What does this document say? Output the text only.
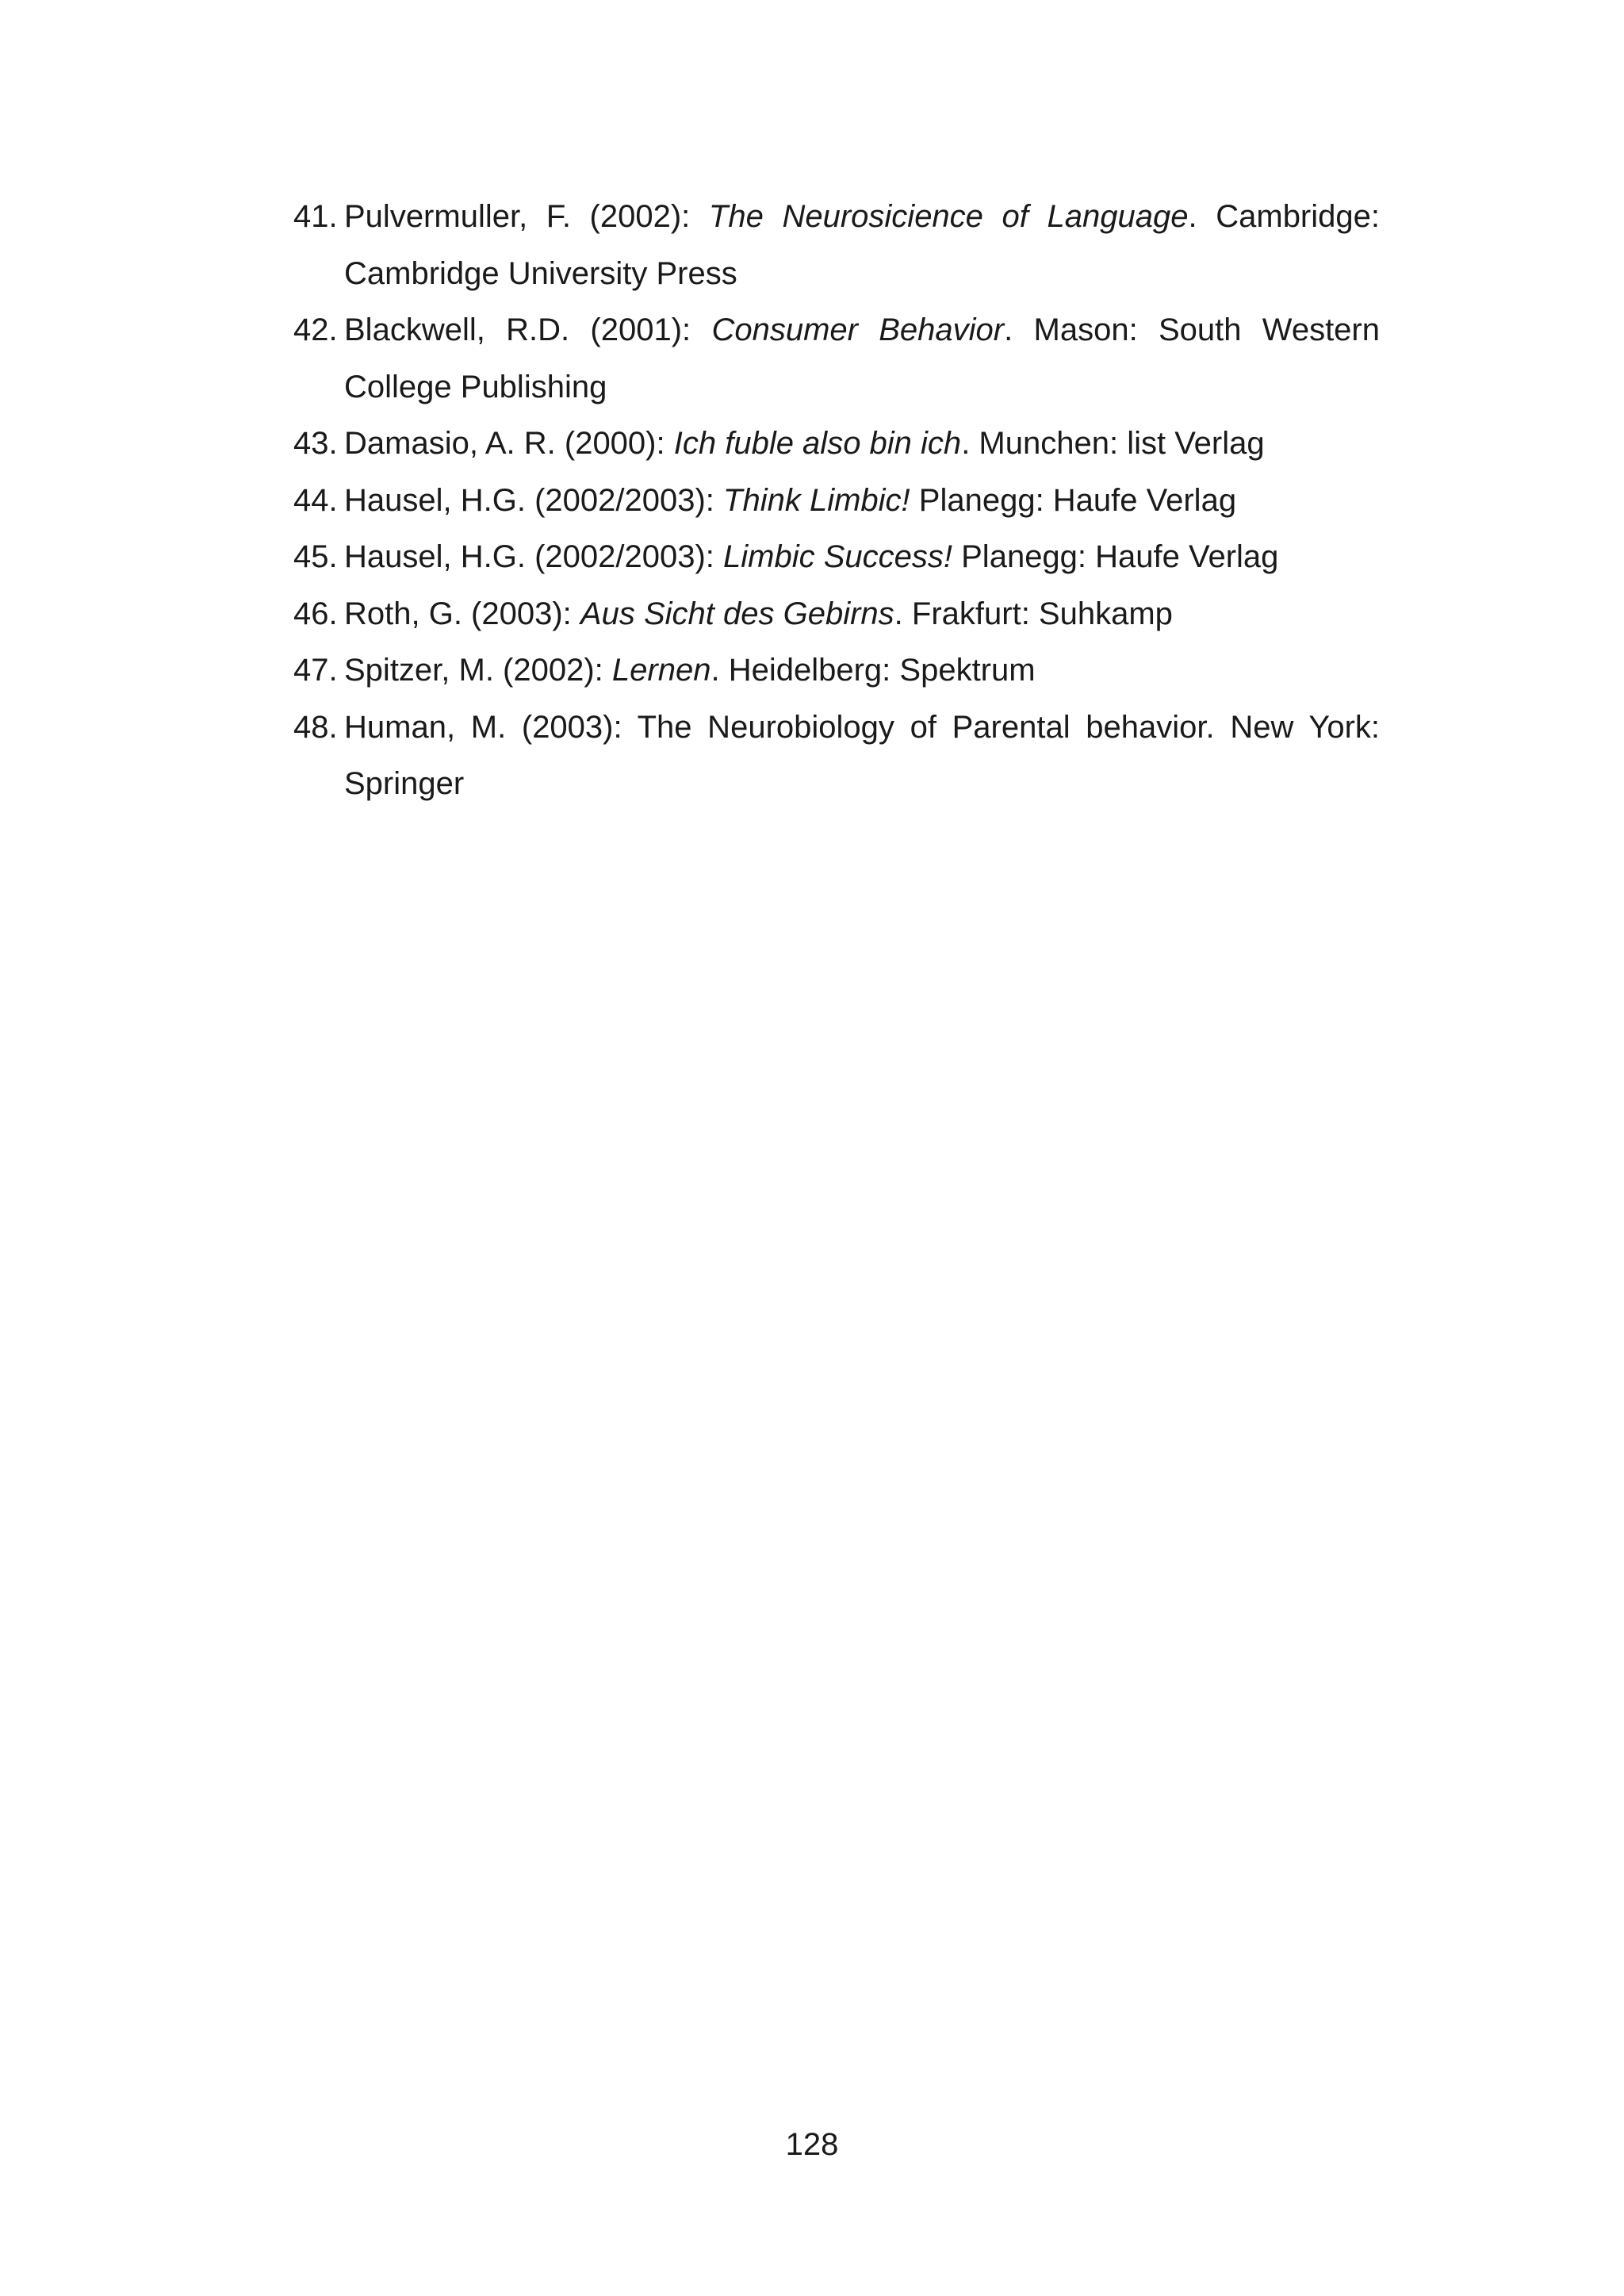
41. Pulvermuller, F. (2002): The Neurosicience of Language. Cambridge: Cambridge University Press
42. Blackwell, R.D. (2001): Consumer Behavior. Mason: South Western College Publishing
43. Damasio, A. R. (2000): Ich fuble also bin ich. Munchen: list Verlag
44. Hausel, H.G. (2002/2003): Think Limbic! Planegg: Haufe Verlag
45. Hausel, H.G. (2002/2003): Limbic Success! Planegg: Haufe Verlag
46. Roth, G. (2003): Aus Sicht des Gebirns. Frakfurt: Suhkamp
47. Spitzer, M. (2002): Lernen. Heidelberg: Spektrum
48. Human, M. (2003): The Neurobiology of Parental behavior. New York: Springer
128
